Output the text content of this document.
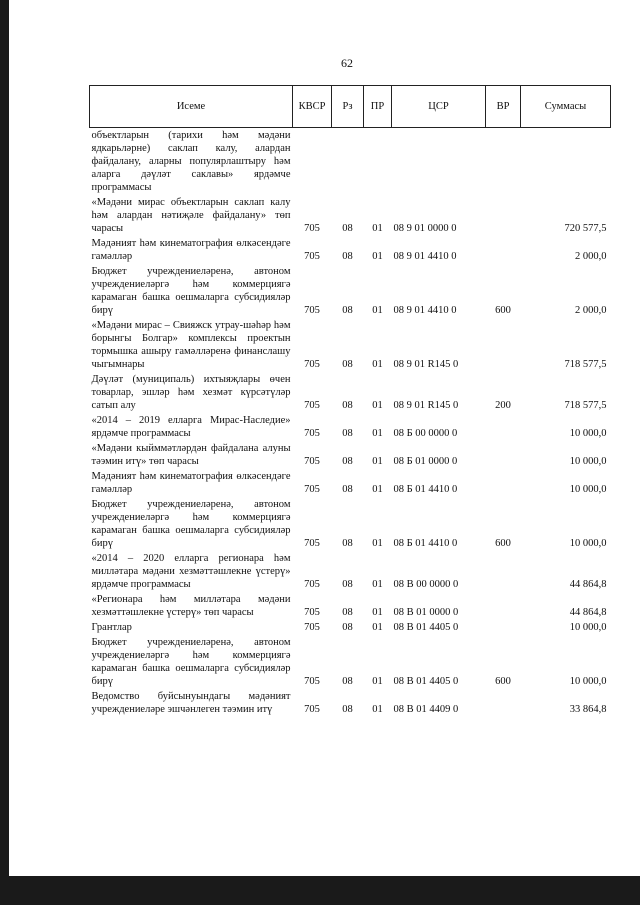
62
Исеме	КВСР	Рз	ПР	ЦСР	ВР	Суммасы
объектларын (тарихи һәм мәдәни ядкарьләрне) саклап калу, алардан файдалану, аларны популярлаштыру һәм аларга дәүләт саклавы» ярдәмче программасы						
«Мәдәни мирас объектларын саклап калу һәм алардан нәтиҗәле файдалану» төп чарасы	705	08	01	08 9 01 0000 0		720 577,5
Мәдәният һәм кинематография өлкәсендәге гамәлләр	705	08	01	08 9 01 4410 0		2 000,0
Бюджет учреждениеләренә, автоном учреждениеләргә һәм коммерциягә карамаган башка оешмаларга субсидияләр бирү	705	08	01	08 9 01 4410 0	600	2 000,0
«Мәдәни мирас – Свияжск утрау-шәһәр һәм борынгы Болгар» комплексы проектын тормышка ашыру гамәлләренә финанслашу чыгымнары	705	08	01	08 9 01 R145 0		718 577,5
Дәүләт (муниципаль) ихтыяҗлары өчен товарлар, эшләр һәм хезмәт күрсәтүләр сатып алу	705	08	01	08 9 01 R145 0	200	718 577,5
«2014 – 2019 елларга Мирас-Наследие» ярдәмче программасы	705	08	01	08 Б 00 0000 0		10 000,0
«Мәдәни кыйммәтләрдән файдалана алуны тәэмин итү» төп чарасы	705	08	01	08 Б 01 0000 0		10 000,0
Мәдәният һәм кинематография өлкәсендәге гамәлләр	705	08	01	08 Б 01 4410 0		10 000,0
Бюджет учреждениеләренә, автоном учреждениеләргә һәм коммерциягә карамаган башка оешмаларга субсидияләр бирү	705	08	01	08 Б 01 4410 0	600	10 000,0
«2014 – 2020 елларга регионара һәм милләтара мәдәни хезмәттәшлекне үстерү» ярдәмче программасы	705	08	01	08 В 00 0000 0		44 864,8
«Регионара һәм милләтара мәдәни хезмәттәшлекне үстерү» төп чарасы	705	08	01	08 В 01 0000 0		44 864,8
Грантлар	705	08	01	08 В 01 4405 0		10 000,0
Бюджет учреждениеләренә, автоном учреждениеләргә һәм коммерциягә карамаган башка оешмаларга субсидияләр бирү	705	08	01	08 В 01 4405 0	600	10 000,0
Ведомство буйсынуындагы мәдәният учреждениеләре эшчәнлеген тәэмин итү	705	08	01	08 В 01 4409 0		33 864,8
